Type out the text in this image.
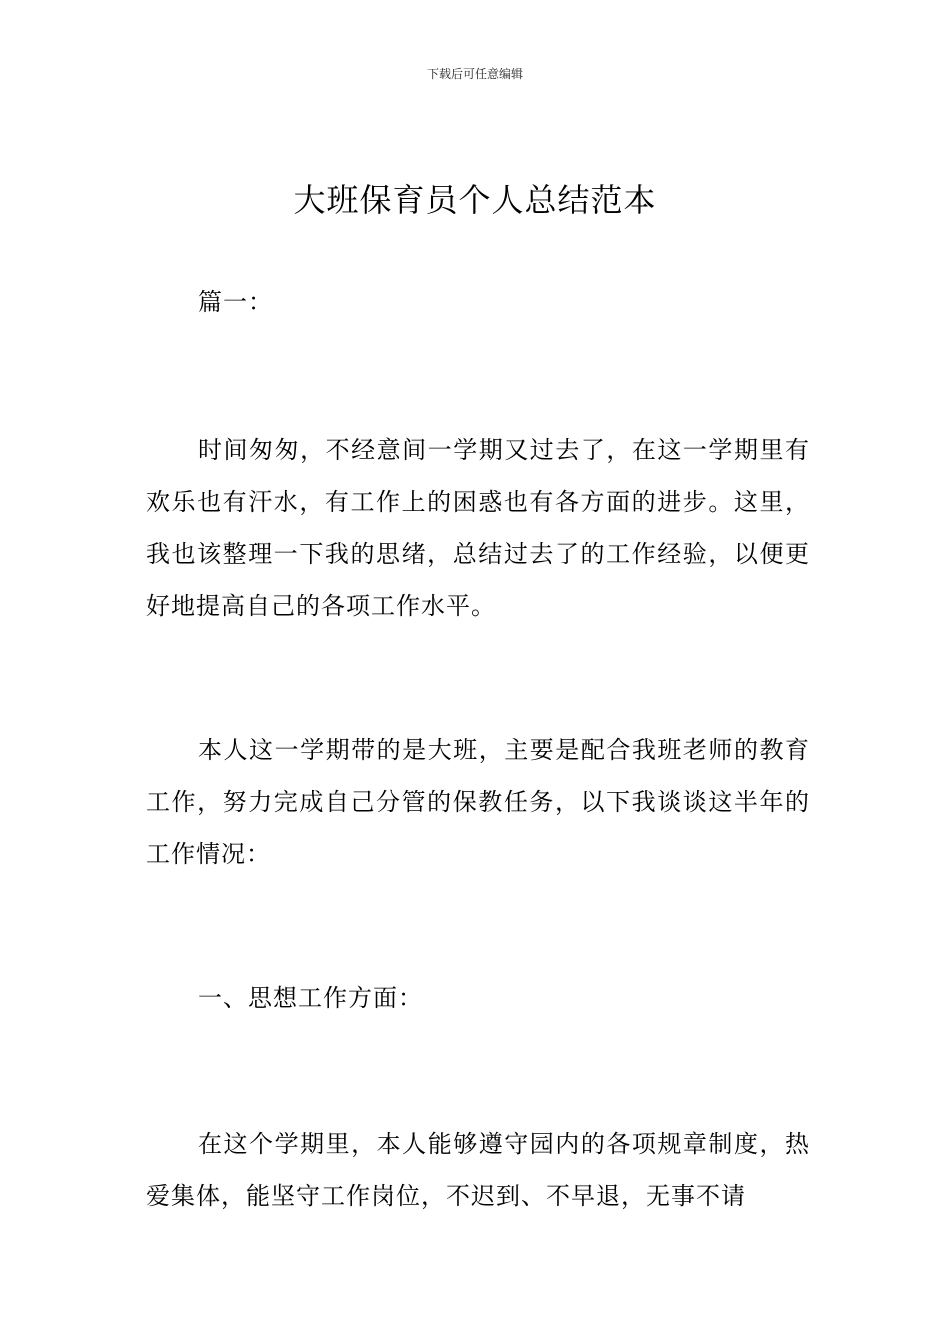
下载后可任意编辑
大班保育员个人总结范本

篇一：

时间匆匆，不经意间一学期又过去了，在这一学期里有欢乐也有汗水，有工作上的困惑也有各方面的进步。这里，我也该整理一下我的思绪，总结过去了的工作经验，以便更好地提高自己的各项工作水平。

本人这一学期带的是大班，主要是配合我班老师的教育工作，努力完成自己分管的保教任务，以下我谈谈这半年的工作情况：

一、思想工作方面：

在这个学期里，本人能够遵守园内的各项规章制度，热爱集体，能坚守工作岗位，不迟到、不早退，无事不请
